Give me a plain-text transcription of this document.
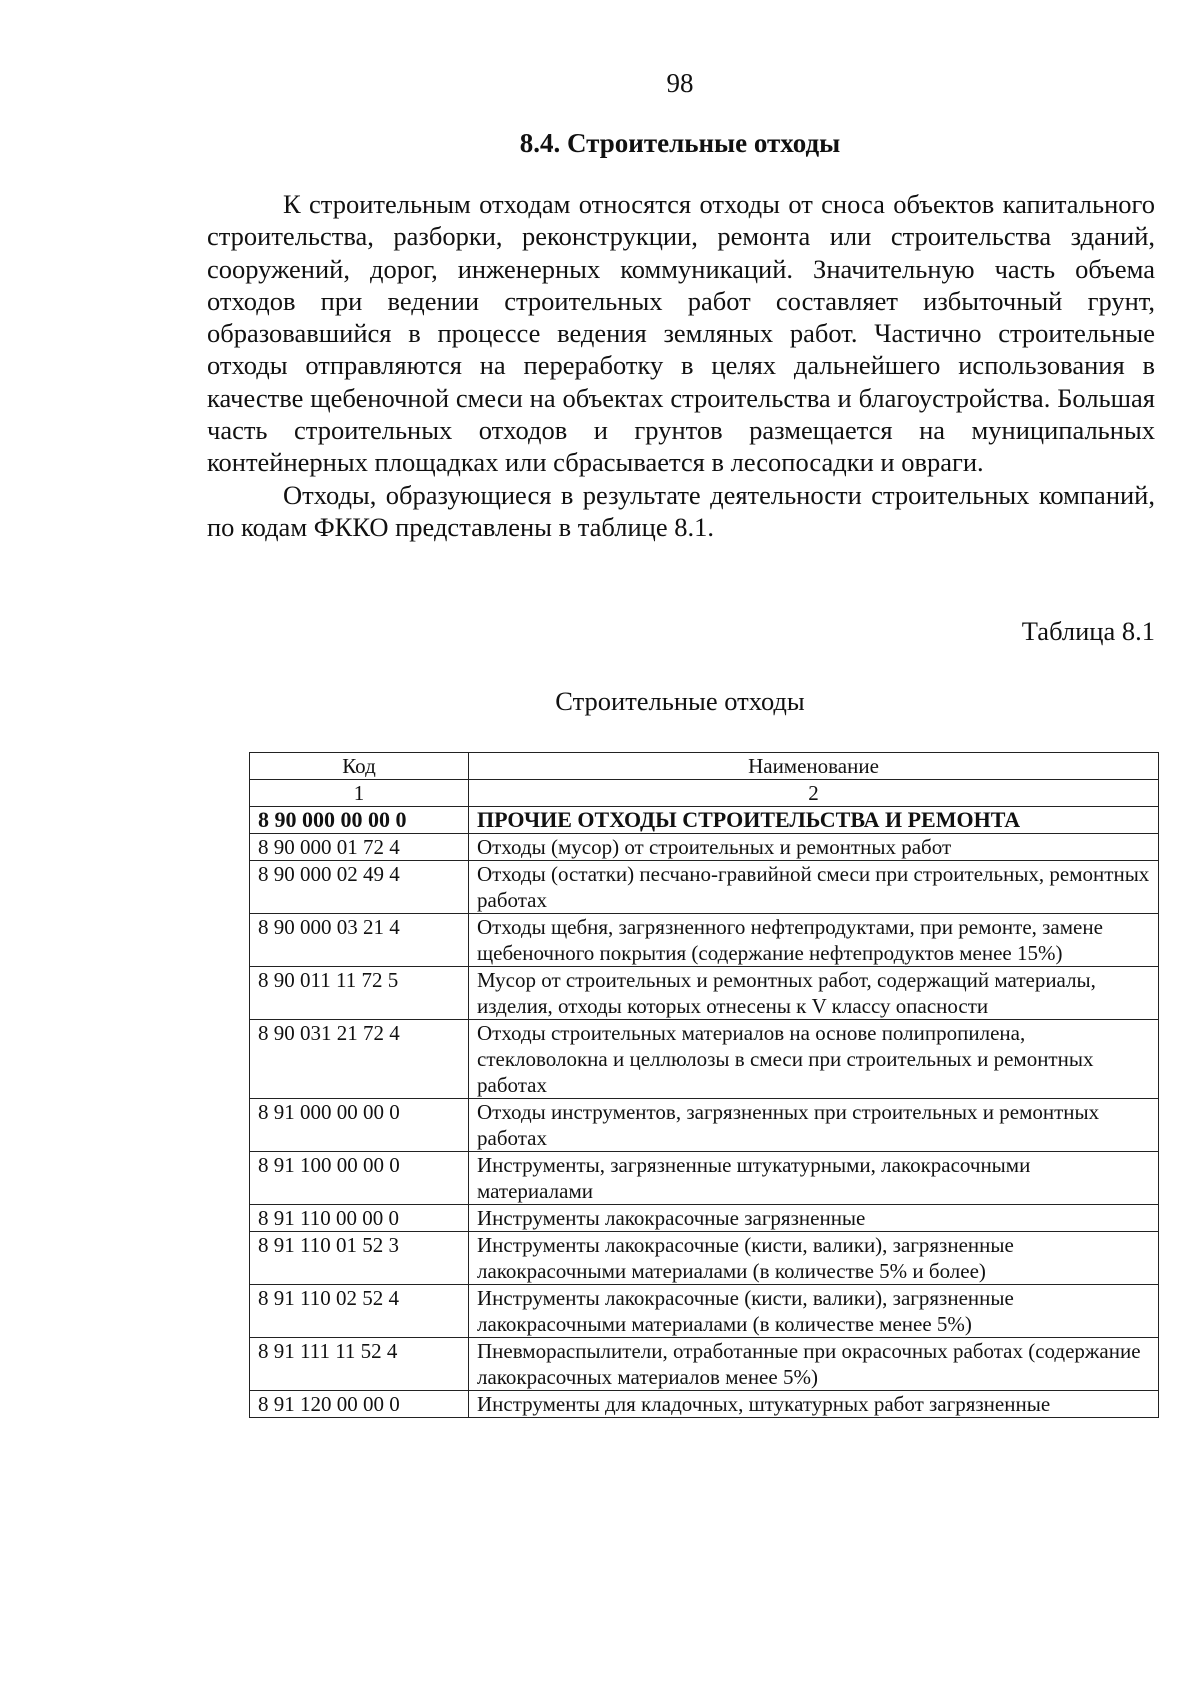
98
8.4. Строительные отходы

К строительным отходам относятся отходы от сноса объектов капитального строительства, разборки, реконструкции, ремонта или строительства зданий, сооружений, дорог, инженерных коммуникаций. Значительную часть объема отходов при ведении строительных работ составляет избыточный грунт, образовавшийся в процессе ведения земляных работ. Частично строительные отходы отправляются на переработку в целях дальнейшего использования в качестве щебеночной смеси на объектах строительства и благоустройства. Большая часть строительных отходов и грунтов размещается на муниципальных контейнерных площадках или сбрасывается в лесопосадки и овраги.

Отходы, образующиеся в результате деятельности строительных компаний, по кодам ФККО представлены в таблице 8.1.

Таблица 8.1
Строительные отходы
Код	Наименование
1	2
8 90 000 00 00 0	ПРОЧИЕ ОТХОДЫ СТРОИТЕЛЬСТВА И РЕМОНТА
8 90 000 01 72 4	Отходы (мусор) от строительных и ремонтных работ
8 90 000 02 49 4	Отходы (остатки) песчано-гравийной смеси при строительных, ремонтных работах
8 90 000 03 21 4	Отходы щебня, загрязненного нефтепродуктами, при ремонте, замене щебеночного покрытия (содержание нефтепродуктов менее 15%)
8 90 011 11 72 5	Мусор от строительных и ремонтных работ, содержащий материалы, изделия, отходы которых отнесены к V классу опасности
8 90 031 21 72 4	Отходы строительных материалов на основе полипропилена, стекловолокна и целлюлозы в смеси при строительных и ремонтных работах
8 91 000 00 00 0	Отходы инструментов, загрязненных при строительных и ремонтных работах
8 91 100 00 00 0	Инструменты, загрязненные штукатурными, лакокрасочными материалами
8 91 110 00 00 0	Инструменты лакокрасочные загрязненные
8 91 110 01 52 3	Инструменты лакокрасочные (кисти, валики), загрязненные лакокрасочными материалами (в количестве 5% и более)
8 91 110 02 52 4	Инструменты лакокрасочные (кисти, валики), загрязненные лакокрасочными материалами (в количестве менее 5%)
8 91 111 11 52 4	Пневмораспылители, отработанные при окрасочных работах (содержание лакокрасочных материалов менее 5%)
8 91 120 00 00 0	Инструменты для кладочных, штукатурных работ загрязненные
